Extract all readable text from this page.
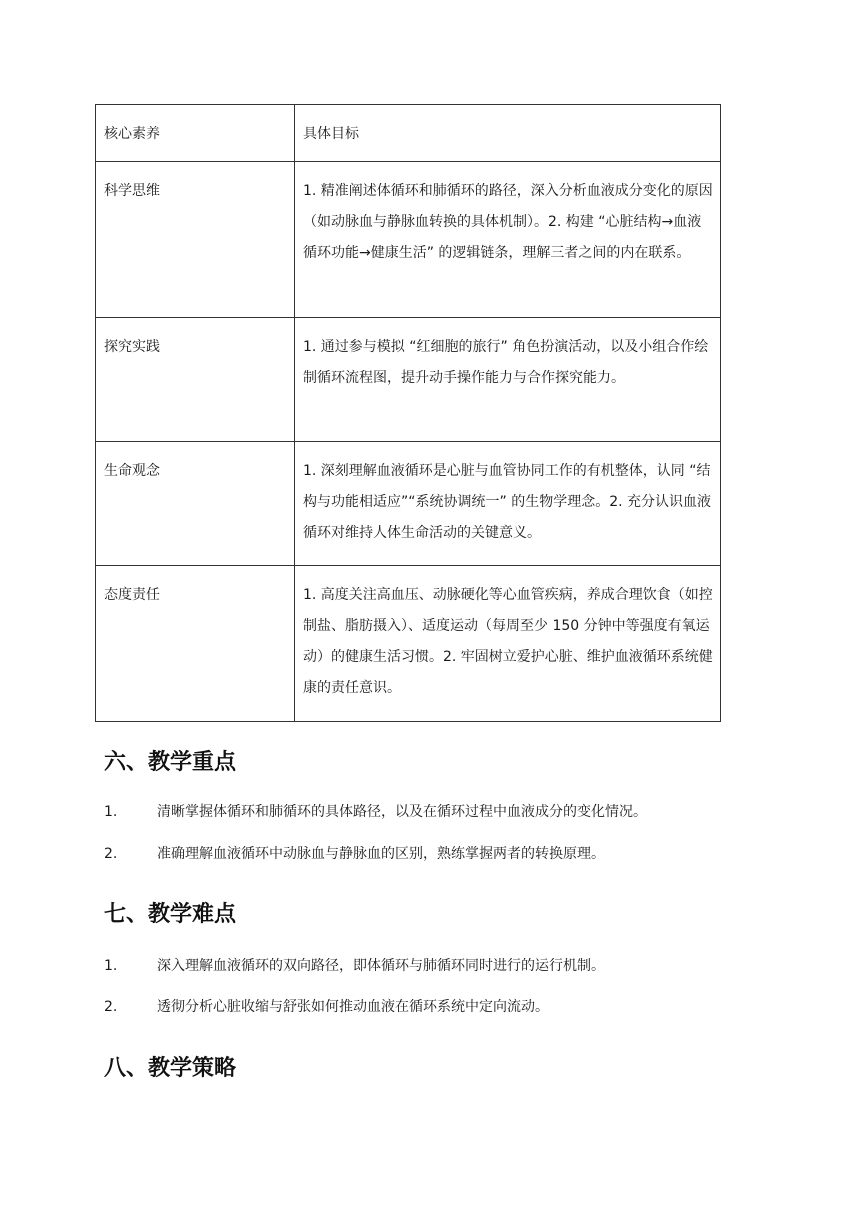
核心素养	具体目标
科学思维	1. 精准阐述体循环和肺循环的路径，深入分析血液成分变化的原因（如动脉血与静脉血转换的具体机制）。2. 构建 “心脏结构→血液循环功能→健康生活” 的逻辑链条，理解三者之间的内在联系。
探究实践	1. 通过参与模拟 “红细胞的旅行” 角色扮演活动，以及小组合作绘制循环流程图，提升动手操作能力与合作探究能力。
生命观念	1. 深刻理解血液循环是心脏与血管协同工作的有机整体，认同 “结构与功能相适应”“系统协调统一” 的生物学理念。2. 充分认识血液循环对维持人体生命活动的关键意义。
态度责任	1. 高度关注高血压、动脉硬化等心血管疾病，养成合理饮食（如控制盐、脂肪摄入）、适度运动（每周至少 150 分钟中等强度有氧运动）的健康生活习惯。2. 牢固树立爱护心脏、维护血液循环系统健康的责任意识。
六、教学重点
1.	清晰掌握体循环和肺循环的具体路径，以及在循环过程中血液成分的变化情况。
2.	准确理解血液循环中动脉血与静脉血的区别，熟练掌握两者的转换原理。
七、教学难点
1.	深入理解血液循环的双向路径，即体循环与肺循环同时进行的运行机制。
2.	透彻分析心脏收缩与舒张如何推动血液在循环系统中定向流动。
八、教学策略
